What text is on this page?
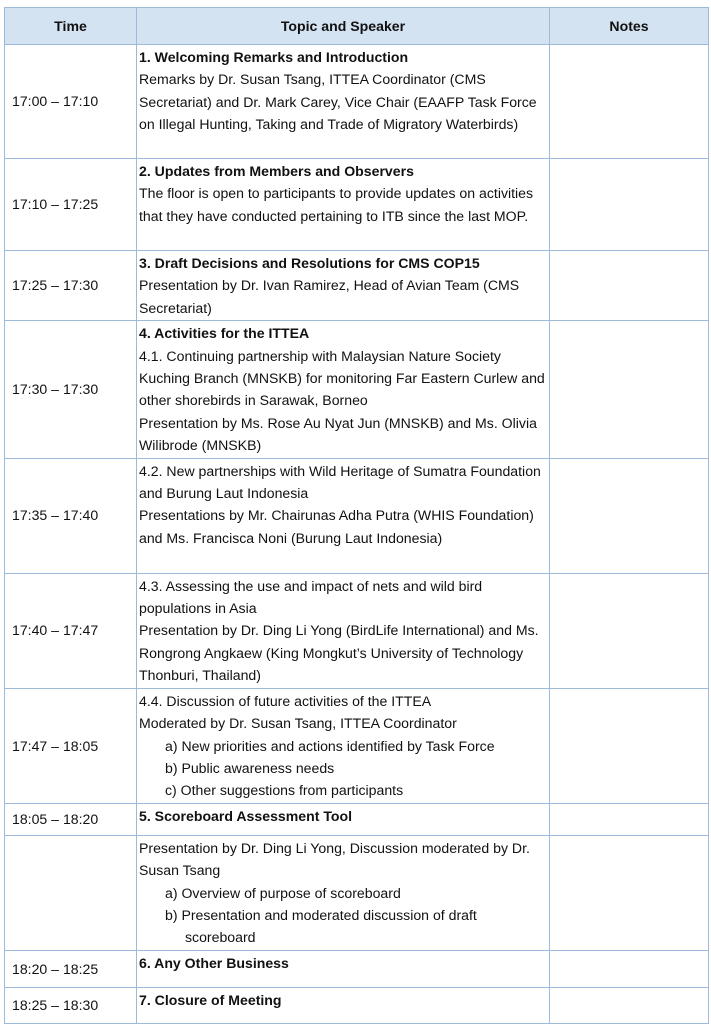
Time	Topic and Speaker	Notes
17:00 – 17:10	1. Welcoming Remarks and Introduction
Remarks by Dr. Susan Tsang, ITTEA Coordinator (CMS Secretariat) and Dr. Mark Carey, Vice Chair (EAAFP Task Force on Illegal Hunting, Taking and Trade of Migratory Waterbirds)	

17:10 – 17:25	2. Updates from Members and Observers
The floor is open to participants to provide updates on activities that they have conducted pertaining to ITB since the last MOP.	

17:25 – 17:30	3. Draft Decisions and Resolutions for CMS COP15
Presentation by Dr. Ivan Ramirez, Head of Avian Team (CMS Secretariat)	

17:30 – 17:30	4. Activities for the ITTEA
4.1. Continuing partnership with Malaysian Nature Society Kuching Branch (MNSKB) for monitoring Far Eastern Curlew and other shorebirds in Sarawak, Borneo
Presentation by Ms. Rose Au Nyat Jun (MNSKB) and Ms. Olivia Wilibrode (MNSKB)	

17:35 – 17:40	4.2. New partnerships with Wild Heritage of Sumatra Foundation and Burung Laut Indonesia
Presentations by Mr. Chairunas Adha Putra (WHIS Foundation) and Ms. Francisca Noni (Burung Laut Indonesia)	

17:40 – 17:47	4.3. Assessing the use and impact of nets and wild bird populations in Asia
Presentation by Dr. Ding Li Yong (BirdLife International) and Ms. Rongrong Angkaew (King Mongkut’s University of Technology Thonburi, Thailand)	

17:47 – 18:05	4.4. Discussion of future activities of the ITTEA
Moderated by Dr. Susan Tsang, ITTEA Coordinator
a) New priorities and actions identified by Task Force
b) Public awareness needs
c) Other suggestions from participants	

18:05 – 18:20	5. Scoreboard Assessment Tool	

	Presentation by Dr. Ding Li Yong, Discussion moderated by Dr. Susan Tsang
a) Overview of purpose of scoreboard
b) Presentation and moderated discussion of draft
scoreboard	

18:20 – 18:25	6. Any Other Business	

18:25 – 18:30	7. Closure of Meeting	
